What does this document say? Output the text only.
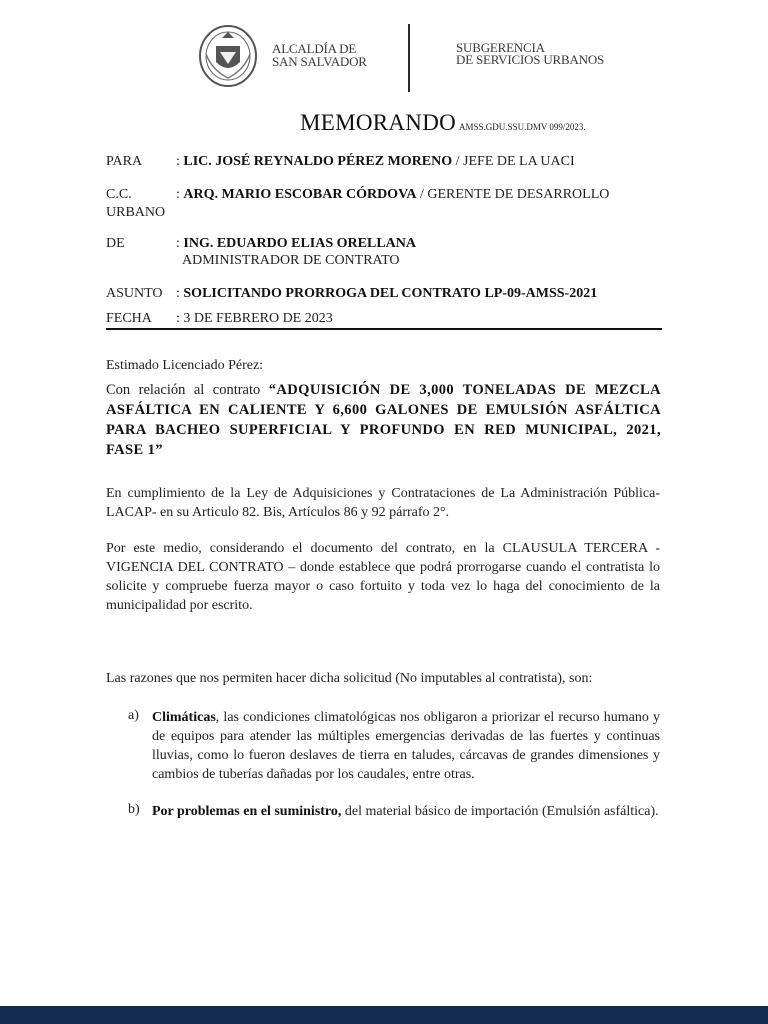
ALCALDÍA DE
SAN SALVADOR
SUBGERENCIA
DE SERVICIOS URBANOS
MEMORANDO AMSS.GDU.SSU.DMV 099/2023.
PARA : LIC. JOSÉ REYNALDO PÉREZ MORENO / JEFE DE LA UACI
C.C.	: ARQ. MARIO ESCOBAR CÓRDOVA / GERENTE DE DESARROLLO
URBANO
DE	: ING. EDUARDO ELIAS ORELLANA
ADMINISTRADOR DE CONTRATO
ASUNTO : SOLICITANDO PRORROGA DEL CONTRATO LP-09-AMSS-2021
FECHA : 3 DE FEBRERO DE 2023
Estimado Licenciado Pérez:
Con relación al contrato “ADQUISICIÓN DE 3,000 TONELADAS DE MEZCLA ASFÁLTICA EN CALIENTE Y 6,600 GALONES DE EMULSIÓN ASFÁLTICA PARA BACHEO SUPERFICIAL Y PROFUNDO EN RED MUNICIPAL, 2021, FASE 1”
En cumplimiento de la Ley de Adquisiciones y Contrataciones de La Administración Pública-LACAP- en su Articulo 82. Bis, Artículos 86 y 92 párrafo 2°.
Por este medio, considerando el documento del contrato, en la CLAUSULA TERCERA - VIGENCIA DEL CONTRATO – donde establece que podrá prorrogarse cuando el contratista lo solicite y compruebe fuerza mayor o caso fortuito y toda vez lo haga del conocimiento de la municipalidad por escrito.
Las razones que nos permiten hacer dicha solicitud (No imputables al contratista), son:
a) Climáticas, las condiciones climatológicas nos obligaron a priorizar el recurso humano y de equipos para atender las múltiples emergencias derivadas de las fuertes y continuas lluvias, como lo fueron deslaves de tierra en taludes, cárcavas de grandes dimensiones y cambios de tuberías dañadas por los caudales, entre otras.
b) Por problemas en el suministro, del material básico de importación (Emulsión asfáltica).
